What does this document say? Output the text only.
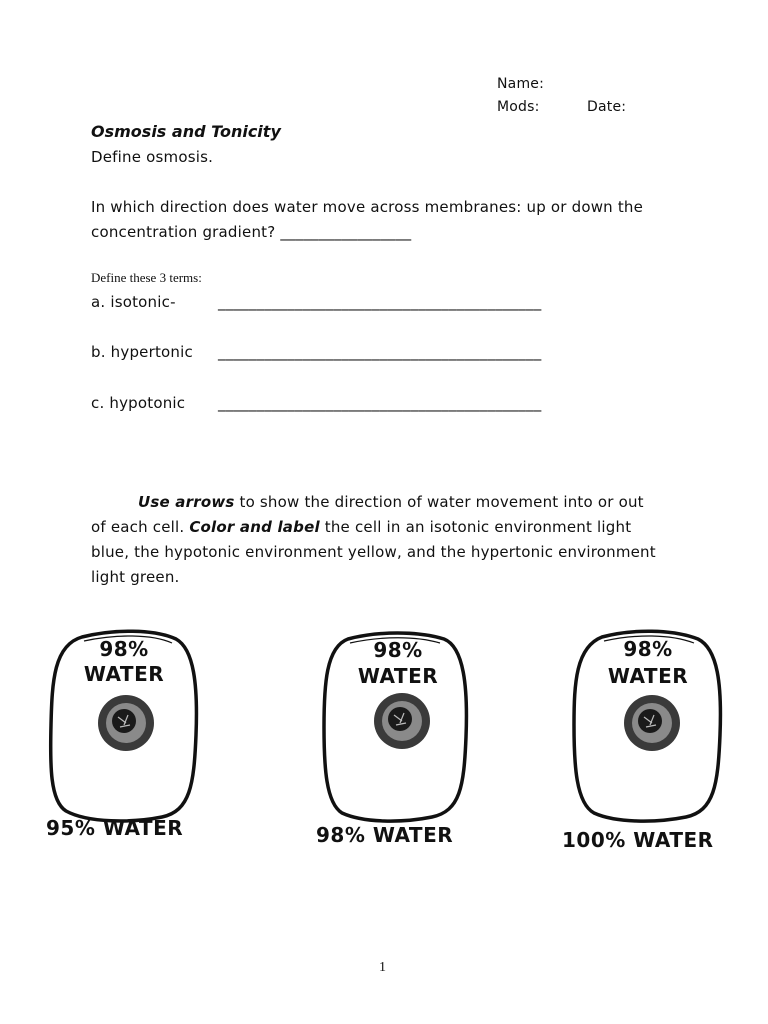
Name:
Mods:	Date:
Osmosis and Tonicity
Define osmosis.
In which direction does water move across membranes: up or down the
concentration gradient? _________________
Define these 3 terms:
a. isotonic-	__________________________________________
b. hypertonic __________________________________________
c. hypotonic __________________________________________
Use arrows to show the direction of water movement into or out
of each cell. Color and label the cell in an isotonic environment light
blue, the hypotonic environment yellow, and the hypertonic environment
light green.
98%
WATER
95% WATER
98%
WATER
98% WATER
98%
WATER
100% WATER
1
